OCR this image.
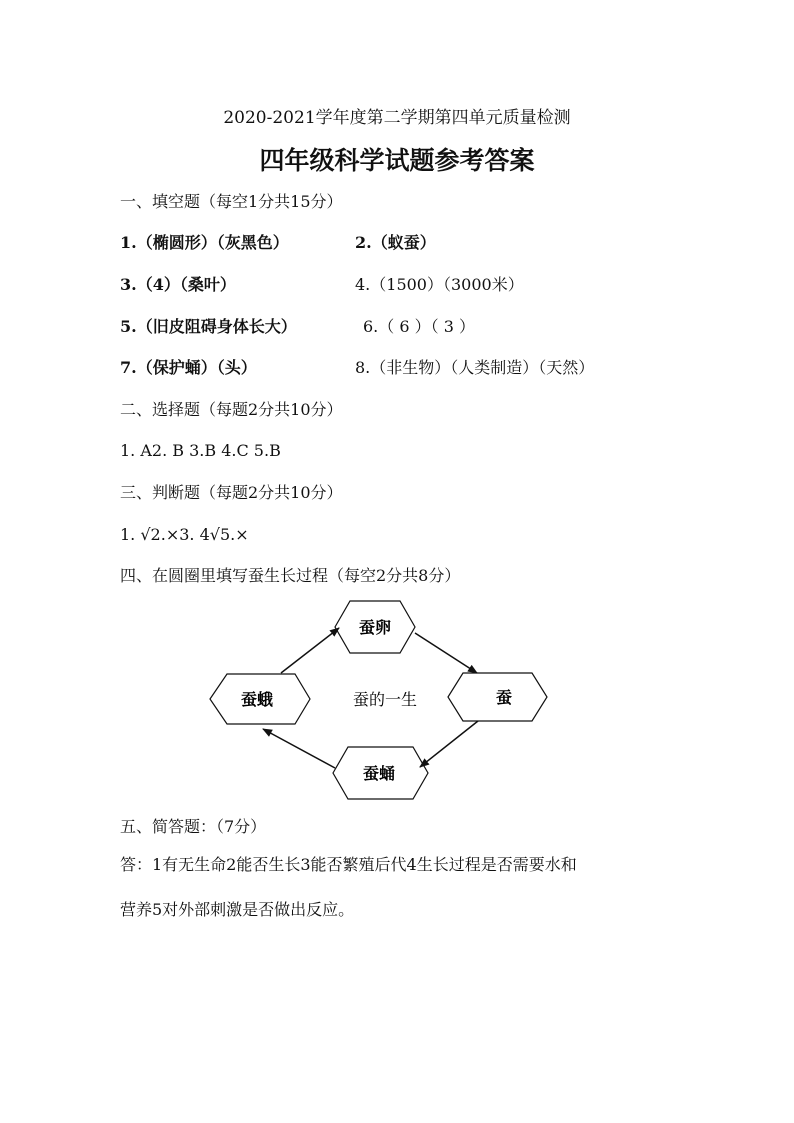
2020-2021学年度第二学期第四单元质量检测
四年级科学试题参考答案
一、填空题（每空1分共15分）
1.（椭圆形）（灰黑色）	2.（蚁蚕）
3.（4）（桑叶）	4.（1500）（3000米）
5.（旧皮阻碍身体长大）	6.（ 6 ）（ 3 ）
7.（保护蛹）（头）	8.（非生物）（人类制造）（天然）
二、选择题（每题2分共10分）
1. A2. B 3.B 4.C 5.B
三、判断题（每题2分共10分）
1. √2.×3. 4√5.×
四、在圆圈里填写蚕生长过程（每空2分共8分）
蚕卵
蚕
蚕蛹
蚕蛾	蚕的一生
五、简答题：（7分）
答：1有无生命2能否生长3能否繁殖后代4生长过程是否需要水和
营养5对外部刺激是否做出反应。
